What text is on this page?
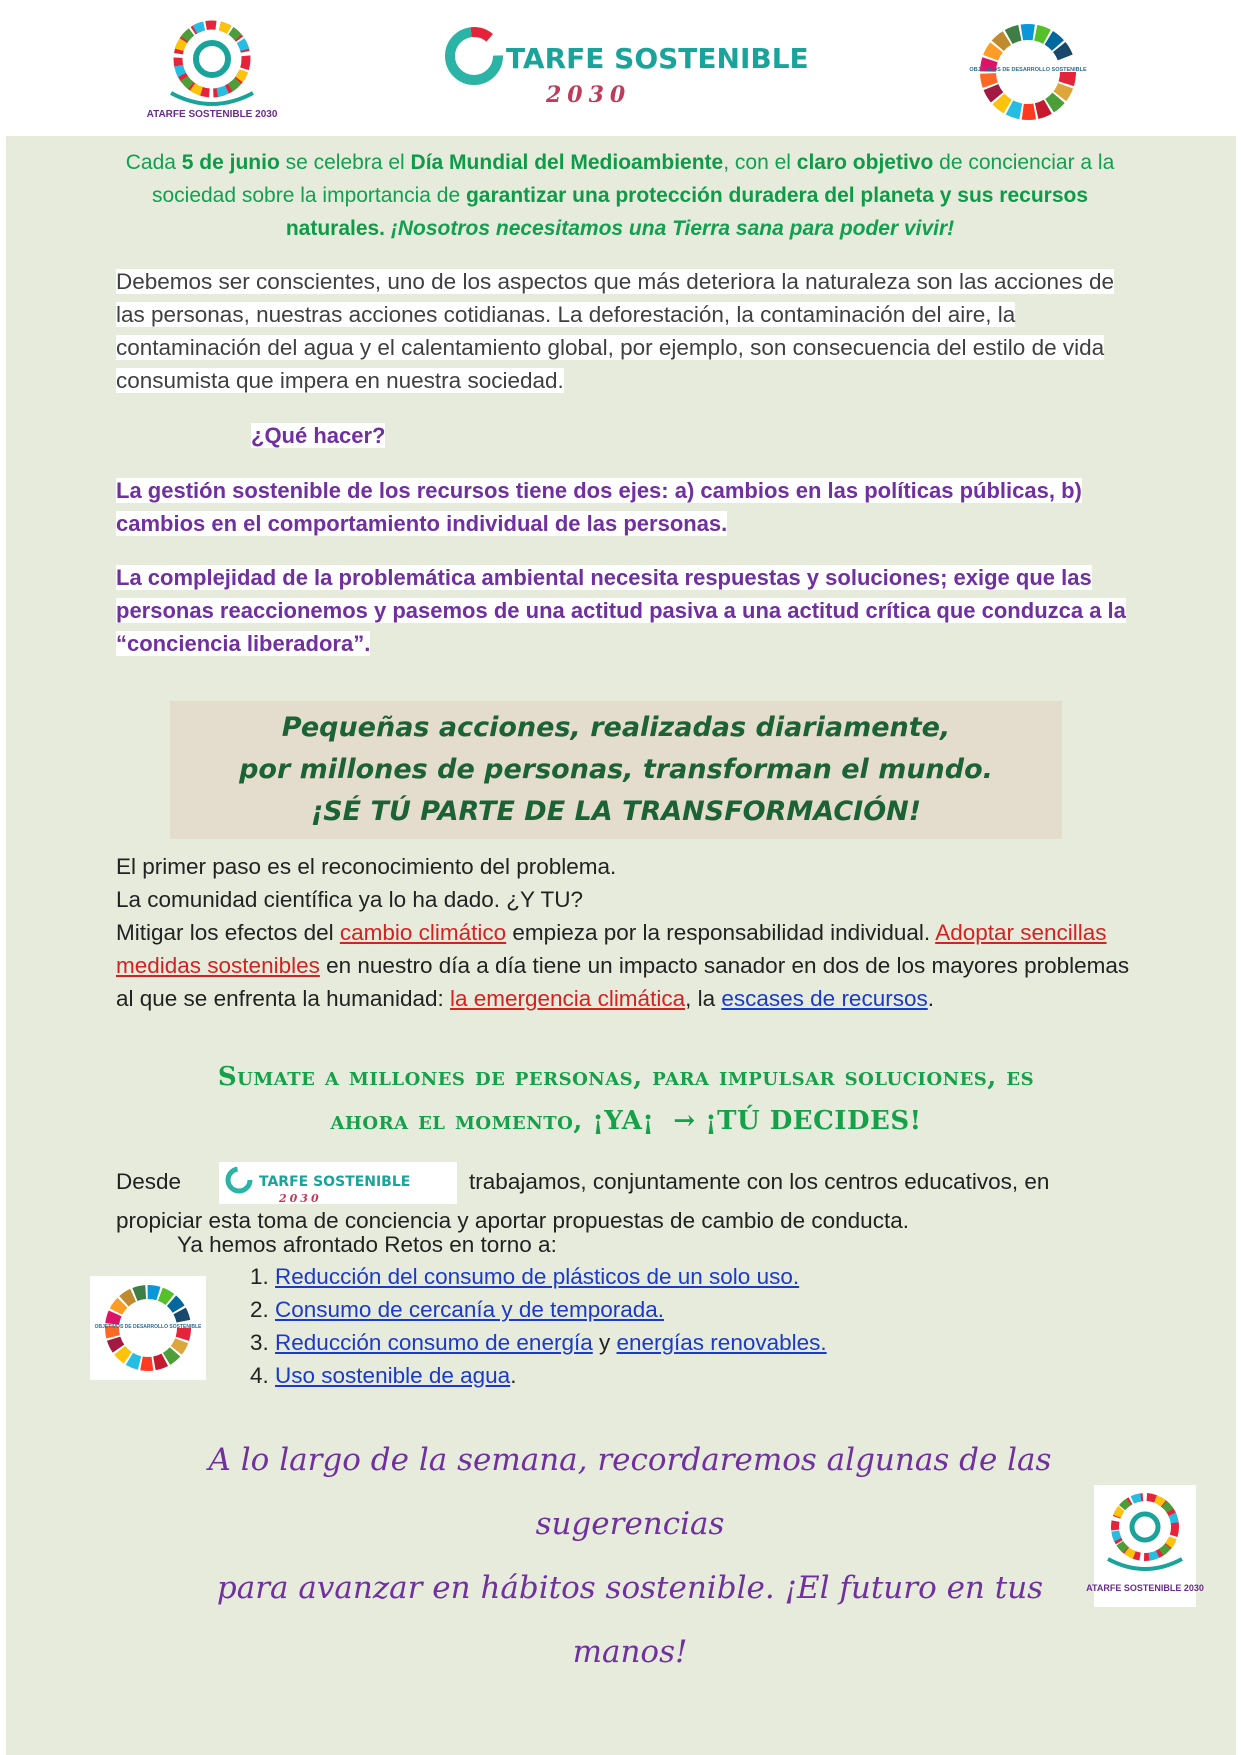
ATARFE SOSTENIBLE 2030
TARFE SOSTENIBLE
2030
OBJETIVOS DE DESARROLLO SOSTENIBLE
Cada 5 de junio se celebra el Día Mundial del Medioambiente, con el claro objetivo de concienciar a la sociedad sobre la importancia de garantizar una protección duradera del planeta y sus recursos naturales. ¡Nosotros necesitamos una Tierra sana para poder vivir!
Debemos ser conscientes, uno de los aspectos que más deteriora la naturaleza son las acciones de las personas, nuestras acciones cotidianas. La deforestación, la contaminación del aire, la contaminación del agua y el calentamiento global, por ejemplo, son consecuencia del estilo de vida consumista que impera en nuestra sociedad.
¿Qué hacer?
La gestión sostenible de los recursos tiene dos ejes: a) cambios en las políticas públicas, b) cambios en el comportamiento individual de las personas.
La complejidad de la problemática ambiental necesita respuestas y soluciones; exige que las personas reaccionemos y pasemos de una actitud pasiva a una actitud crítica que conduzca a la “conciencia liberadora”.
Pequeñas acciones, realizadas diariamente,
por millones de personas, transforman el mundo.
¡SÉ TÚ PARTE DE LA TRANSFORMACIÓN!
El primer paso es el reconocimiento del problema.
La comunidad científica ya lo ha dado. ¿Y TU?
Mitigar los efectos del cambio climático empieza por la responsabilidad individual. Adoptar sencillas medidas sostenibles en nuestro día a día tiene un impacto sanador en dos de los mayores problemas al que se enfrenta la humanidad: la emergencia climática, la escases de recursos.
Sumate a millones de personas, para impulsar soluciones, es
ahora el momento, ¡YA¡ → ¡TÚ DECIDES!
Desde	TARFE SOSTENIBLE
2030
trabajamos, conjuntamente con los centros educativos, en propiciar esta toma de conciencia y aportar propuestas de cambio de conducta.
Ya hemos afrontado Retos en torno a:
OBJETIVOS DE DESARROLLO SOSTENIBLE
1. Reducción del consumo de plásticos de un solo uso.
2. Consumo de cercanía y de temporada.
3. Reducción consumo de energía y energías renovables.
4. Uso sostenible de agua.
A lo largo de la semana, recordaremos algunas de las sugerencias
para avanzar en hábitos sostenible. ¡El futuro en tus manos!
ATARFE SOSTENIBLE 2030
